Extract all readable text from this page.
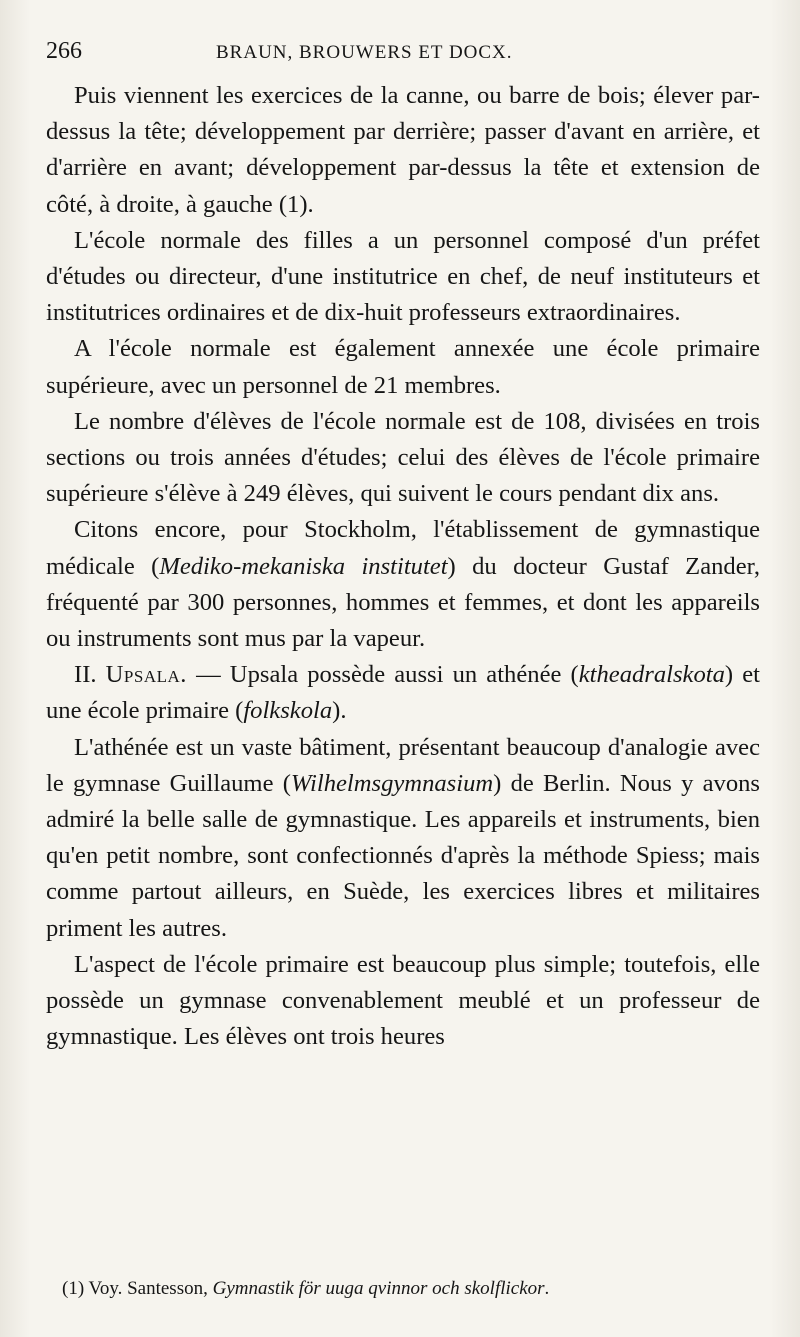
266	BRAUN, BROUWERS ET DOCX.

Puis viennent les exercices de la canne, ou barre de bois; élever par-dessus la tête; développement par derrière; passer d'avant en arrière, et d'arrière en avant; développement par-dessus la tête et extension de côté, à droite, à gauche (1).

L'école normale des filles a un personnel composé d'un préfet d'études ou directeur, d'une institutrice en chef, de neuf instituteurs et institutrices ordinaires et de dix-huit professeurs extraordinaires.

A l'école normale est également annexée une école primaire supérieure, avec un personnel de 21 membres.

Le nombre d'élèves de l'école normale est de 108, divisées en trois sections ou trois années d'études; celui des élèves de l'école primaire supérieure s'élève à 249 élèves, qui suivent le cours pendant dix ans.

Citons encore, pour Stockholm, l'établissement de gymnastique médicale (Mediko-mekaniska institutet) du docteur Gustaf Zander, fréquenté par 300 personnes, hommes et femmes, et dont les appareils ou instruments sont mus par la vapeur.

II. Upsala. — Upsala possède aussi un athénée (ktheadralskota) et une école primaire (folkskola).

L'athénée est un vaste bâtiment, présentant beaucoup d'analogie avec le gymnase Guillaume (Wilhelmsgymnasium) de Berlin. Nous y avons admiré la belle salle de gymnastique. Les appareils et instruments, bien qu'en petit nombre, sont confectionnés d'après la méthode Spiess; mais comme partout ailleurs, en Suède, les exercices libres et militaires priment les autres.

L'aspect de l'école primaire est beaucoup plus simple; toutefois, elle possède un gymnase convenablement meublé et un professeur de gymnastique. Les élèves ont trois heures

(1) Voy. Santesson, Gymnastik för uuga qvinnor och skolflickor.
